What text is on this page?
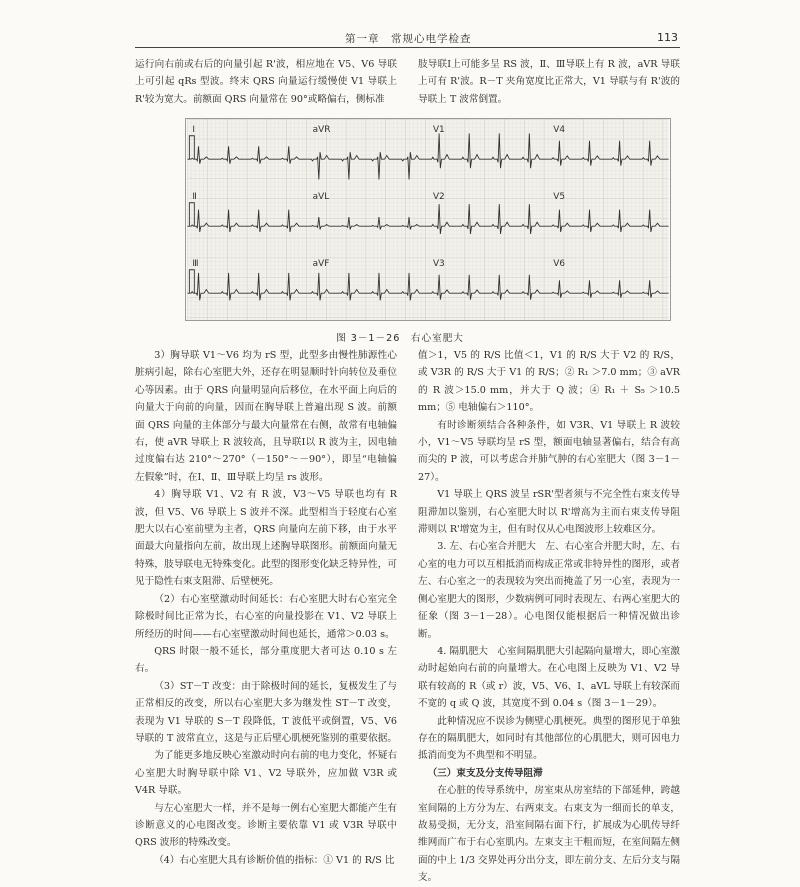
第一章　常规心电学检查	113

运行向右前或右后的向量引起 R'波，相应地在 V5、V6 导联上可引起 qRs 型波。终末 QRS 向量运行缓慢使 V1 导联上 R'较为宽大。前额面 QRS 向量常在 90°或略偏右，侧标准

肢导联Ⅰ上可能多呈 RS 波，Ⅱ、Ⅲ导联上有 R 波，aVR 导联上可有 R'波。R－T 夹角宽度比正常大，V1 导联与有 R'波的导联上 T 波常倒置。

Ⅰ	aVR	V1	V4
Ⅱ	aVL	V2	V5
Ⅲ	aVF	V3	V6
图 3－1－26　右心室肥大

3）胸导联 V1～V6 均为 rS 型，此型多由慢性肺源性心脏病引起，除右心室肥大外，还存在明显顺时针向转位及垂位心等因素。由于 QRS 向量明显向后移位，在水平面上向后的向量大于向前的向量，因而在胸导联上普遍出现 S 波。前额面 QRS 向量的主体部分与最大向量常在右侧，故常有电轴偏右，使 aVR 导联上 R 波较高，且导联Ⅰ以 R 波为主，因电轴过度偏右达 210°～270°（－150°～－90°），即呈“电轴偏左假象”时，在Ⅰ、Ⅱ、Ⅲ导联上均呈 rs 波形。

4）胸导联 V1、V2 有 R 波，V3～V5 导联也均有 R 波，但 V5、V6 导联上 S 波并不深。此型相当于轻度右心室肥大以右心室前壁为主者，QRS 向量向左前下移，由于水平面最大向量指向左前，故出现上述胸导联图形。前额面向量无特殊，肢导联电无特殊变化。此型的图形变化缺乏特异性，可见于隐性右束支阻滞、后壁梗死。

（2）右心室壁激动时间延长：右心室肥大时右心室完全除极时间比正常为长，右心室的向量投影在 V1、V2 导联上所经历的时间——右心室壁激动时间也延长，通常＞0.03 s。

QRS 时限一般不延长，部分重度肥大者可达 0.10 s 左右。

（3）ST－T 改变：由于除极时间的延长，复极发生了与正常相反的改变，所以右心室肥大多为继发性 ST－T 改变，表现为 V1 导联的 S－T 段降低，T 波低平或倒置，V5、V6 导联的 T 波常直立，这是与正后壁心肌梗死鉴别的重要依据。

为了能更多地反映心室激动时向右前的电力变化，怀疑右心室肥大时胸导联中除 V1、V2 导联外，应加做 V3R 或 V4R 导联。

与左心室肥大一样，并不是每一例右心室肥大都能产生有诊断意义的心电图改变。诊断主要依靠 V1 或 V3R 导联中 QRS 波形的特殊改变。

（4）右心室肥大具有诊断价值的指标：① V1 的 R/S 比

值＞1，V5 的 R/S 比值＜1，V1 的 R/S 大于 V2 的 R/S，或 V3R 的 R/S 大于 V1 的 R/S；② R₁ ＞7.0 mm；③ aVR 的 R 波＞15.0 mm，并大于 Q 波；④ R₁ ＋ S₅ ＞10.5 mm；⑤ 电轴偏右＞110°。

有时诊断须结合各种条件，如 V3R、V1 导联上 R 波较小，V1～V5 导联均呈 rS 型，额面电轴显著偏右，结合有高而尖的 P 波，可以考虑合并肺气肿的右心室肥大（图 3－1－27）。

V1 导联上 QRS 波呈 rSR'型者须与不完全性右束支传导阻滞加以鉴别，右心室肥大时以 R'增高为主而右束支传导阻滞则以 R'增宽为主，但有时仅从心电图波形上较难区分。

3. 左、右心室合并肥大　左、右心室合并肥大时，左、右心室的电力可以互相抵消而构成正常或非特异性的图形，或者左、右心室之一的表现较为突出而掩盖了另一心室，表现为一侧心室肥大的图形，少数病例可同时表现左、右两心室肥大的征象（图 3－1－28）。心电图仅能根据后一种情况做出诊断。

4. 隔肌肥大　心室间隔肌肥大引起隔向量增大，即心室激动时起始向右前的向量增大。在心电图上反映为 V1、V2 导联有较高的 R（或 r）波，V5、V6、Ⅰ、aVL 导联上有较深而不宽的 q 或 Q 波，其宽度不到 0.04 s（图 3－1－29）。

此种情况应不误诊为侧壁心肌梗死。典型的图形见于单独存在的隔肌肥大，如同时有其他部位的心肌肥大，则可因电力抵消而变为不典型和不明显。

（三）束支及分支传导阻滞

在心脏的传导系统中，房室束从房室结的下部延伸，跨越室间隔的上方分为左、右两束支。右束支为一细而长的单支，故易受损，无分支，沿室间隔右面下行，扩展成为心肌传导纤维网而广布于右心室肌内。左束支主干粗而短，在室间隔左侧面的中上 1/3 交界处再分出分支，即左前分支、左后分支与隔支。
